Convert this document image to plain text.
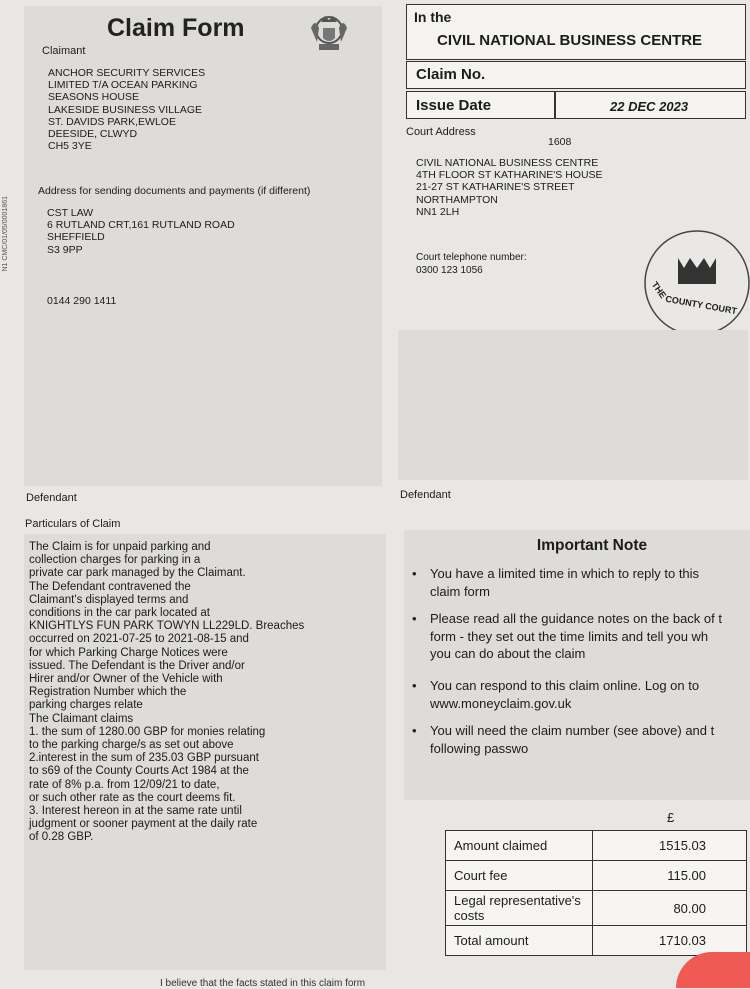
N1 CMC/01/05/0001861
Claim Form
Claimant
ANCHOR SECURITY SERVICES
LIMITED T/A OCEAN PARKING
SEASONS HOUSE
LAKESIDE BUSINESS VILLAGE
ST. DAVIDS PARK,EWLOE
DEESIDE, CLWYD
CH5 3YE
Address for sending documents and payments (if different)
CST LAW
6 RUTLAND CRT,161 RUTLAND ROAD
SHEFFIELD
S3 9PP
0144 290 1411
In the
CIVIL NATIONAL BUSINESS CENTRE
Claim No.
Issue Date	22 DEC 2023
Court Address
1608
CIVIL NATIONAL BUSINESS CENTRE
4TH FLOOR ST KATHARINE'S HOUSE
21-27 ST KATHARINE'S STREET
NORTHAMPTON
NN1 2LH
Court telephone number:
0300 123 1056
THE
COUNTY COURT
Defendant	Defendant
Particulars of Claim
The Claim is for unpaid parking and
collection charges for parking in a
private car park managed by the Claimant.
The Defendant contravened the
Claimant's displayed terms and
conditions in the car park located at
KNIGHTLYS FUN PARK TOWYN LL229LD. Breaches
occurred on 2021-07-25 to 2021-08-15 and
for which Parking Charge Notices were
issued. The Defendant is the Driver and/or
Hirer and/or Owner of the Vehicle with
Registration Number which the
parking charges relate
The Claimant claims
1. the sum of 1280.00 GBP for monies relating
to the parking charge/s as set out above
2.interest in the sum of 235.03 GBP pursuant
to s69 of the County Courts Act 1984 at the
rate of 8% p.a. from 12/09/21 to date,
or such other rate as the court deems fit.
3. Interest hereon in at the same rate until
judgment or sooner payment at the daily rate
of 0.28 GBP.
I believe that the facts stated in this claim form
Important Note
• You have a limited time in which to reply to this
claim form
• Please read all the guidance notes on the back of t
form - they set out the time limits and tell you wh
you can do about the claim
• You can respond to this claim online. Log on to
www.moneyclaim.gov.uk
• You will need the claim number (see above) and t
following passwo
£
Amount claimed	1515.03
Court fee	115.00
Legal representative's costs	80.00
Total amount	1710.03
